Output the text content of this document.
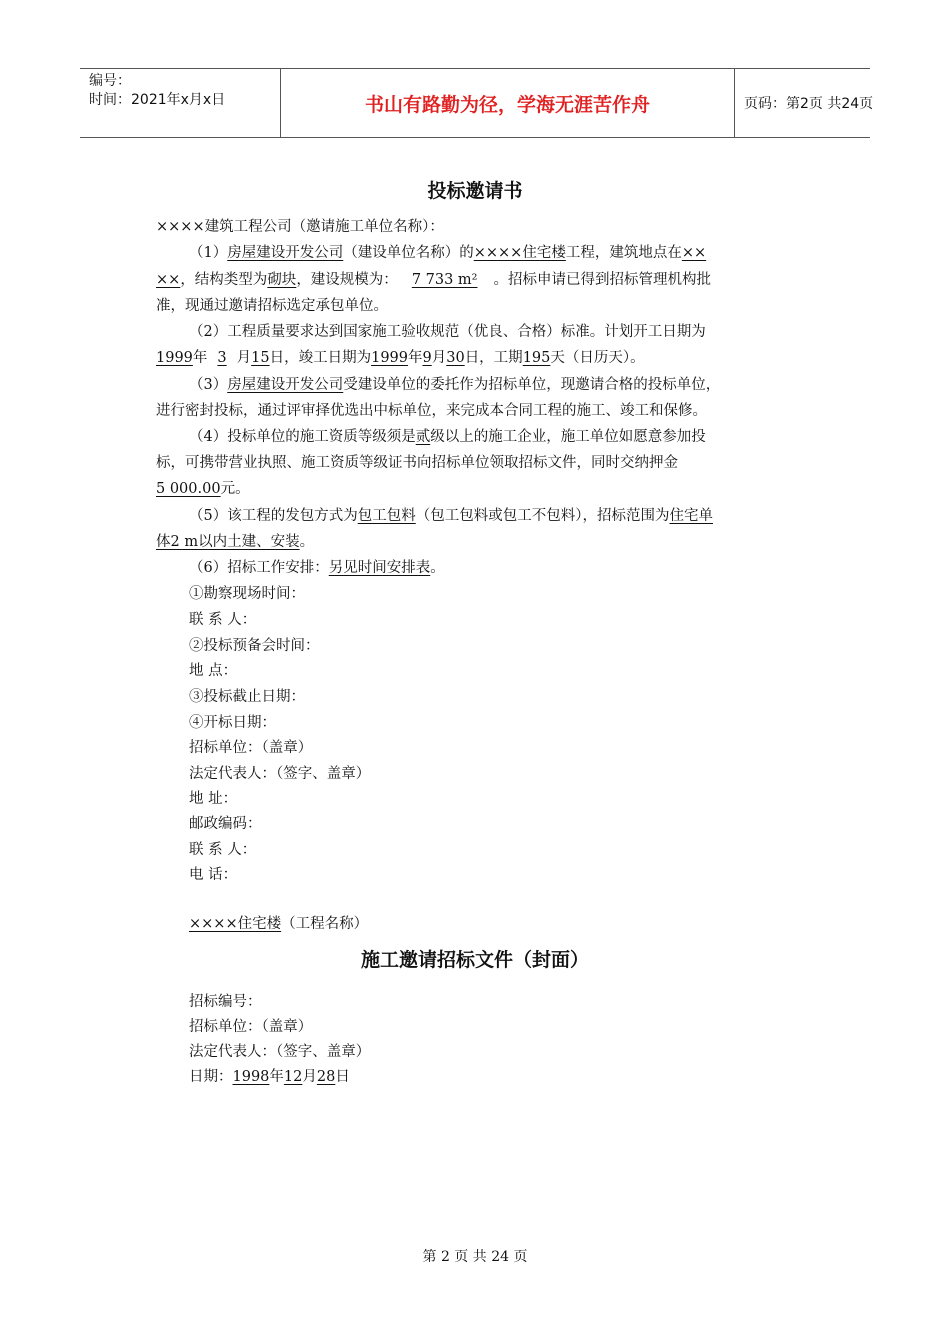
编号：
时间：2021年x月x日	书山有路勤为径，学海无涯苦作舟	页码：第2页 共24页
投标邀请书
××××建筑工程公司（邀请施工单位名称）：
（1）房屋建设开发公司（建设单位名称）的××××住宅楼工程，建筑地点在××
××，结构类型为砌块，建设规模为： 7 733 m² 。招标申请已得到招标管理机构批
准，现通过邀请招标选定承包单位。
（2）工程质量要求达到国家施工验收规范（优良、合格）标准。计划开工日期为
1999年 3 月15日，竣工日期为1999年9月30日，工期195天（日历天）。
（3）房屋建设开发公司受建设单位的委托作为招标单位，现邀请合格的投标单位，
进行密封投标，通过评审择优选出中标单位，来完成本合同工程的施工、竣工和保修。
（4）投标单位的施工资质等级须是贰级以上的施工企业，施工单位如愿意参加投
标，可携带营业执照、施工资质等级证书向招标单位领取招标文件，同时交纳押金
5 000.00元。
（5）该工程的发包方式为包工包料（包工包料或包工不包料），招标范围为住宅单
体2 m以内土建、安装。
（6）招标工作安排：另见时间安排表。
①勘察现场时间：
联 系 人：
②投标预备会时间：
地 点：
③投标截止日期：
④开标日期：
招标单位：（盖章）
法定代表人：（签字、盖章）
地 址：
邮政编码：
联 系 人：
电 话：
××××住宅楼（工程名称）
施工邀请招标文件（封面）
招标编号：
招标单位：（盖章）
法定代表人：（签字、盖章）
日期：1998年12月28日
第 2 页 共 24 页
